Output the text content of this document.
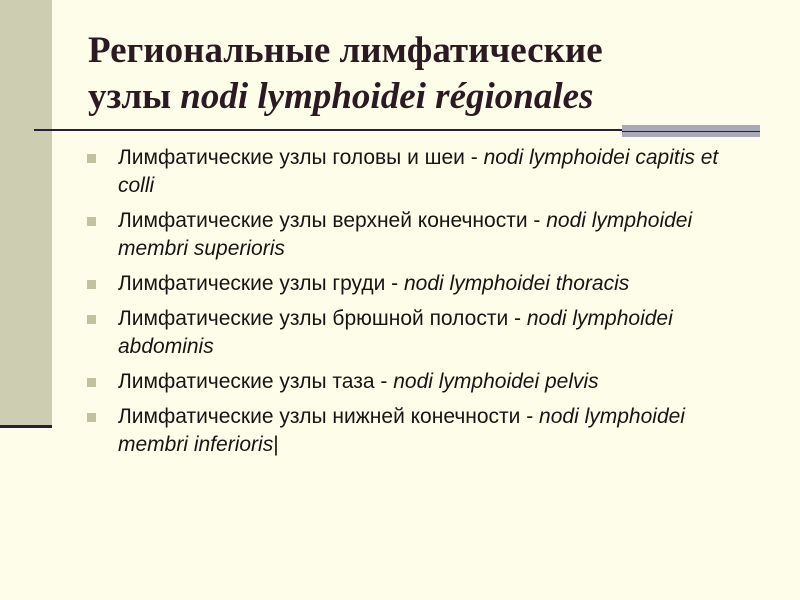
Региональные лимфатические
узлы nodi lymphoidei régionales
Лимфатические узлы головы и шеи - nodi lymphoidei capitis et colli
Лимфатические узлы верхней конечности - nodi lymphoidei membri superioris
Лимфатические узлы груди - nodi lymphoidei thoracis
Лимфатические узлы брюшной полости - nodi lymphoidei abdominis
Лимфатические узлы таза - nodi lymphoidei pelvis
Лимфатические узлы нижней конечности - nodi lymphoidei membri inferioris|
